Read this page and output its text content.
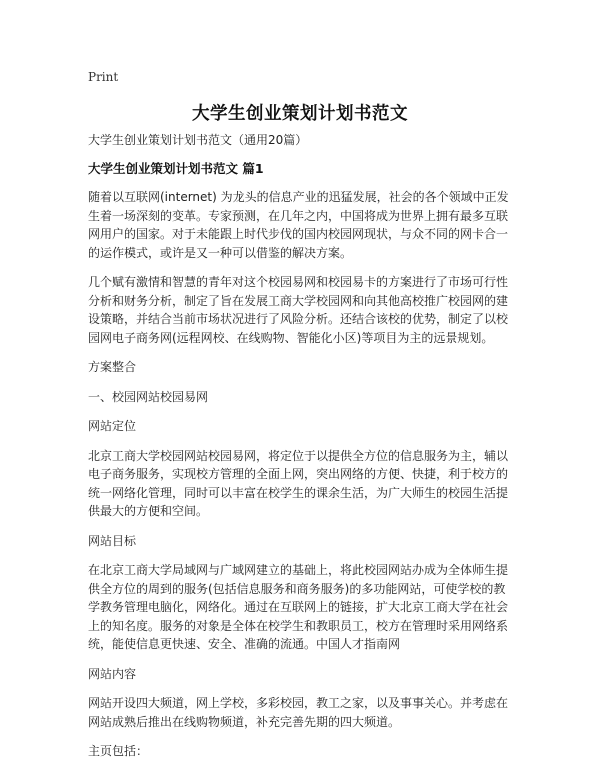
Print
大学生创业策划计划书范文

大学生创业策划计划书范文（通用20篇）

大学生创业策划计划书范文 篇1

随着以互联网(internet) 为龙头的信息产业的迅猛发展，社会的各个领域中正发生着一场深刻的变革。专家预测，在几年之内，中国将成为世界上拥有最多互联网用户的国家。对于未能跟上时代步伐的国内校园网现状，与众不同的网卡合一的运作模式，或许是又一种可以借鉴的解决方案。

几个赋有激情和智慧的青年对这个校园易网和校园易卡的方案进行了市场可行性分析和财务分析，制定了旨在发展工商大学校园网和向其他高校推广校园网的建设策略，并结合当前市场状况进行了风险分析。还结合该校的优势，制定了以校园网电子商务网(远程网校、在线购物、智能化小区)等项目为主的远景规划。

方案整合

一、校园网站校园易网

网站定位

北京工商大学校园网站校园易网，将定位于以提供全方位的信息服务为主，辅以电子商务服务，实现校方管理的全面上网，突出网络的方便、快捷，利于校方的统一网络化管理，同时可以丰富在校学生的课余生活，为广大师生的校园生活提供最大的方便和空间。

网站目标

在北京工商大学局域网与广域网建立的基础上，将此校园网站办成为全体师生提供全方位的周到的服务(包括信息服务和商务服务)的多功能网站，可使学校的教学教务管理电脑化，网络化。通过在互联网上的链接，扩大北京工商大学在社会上的知名度。服务的对象是全体在校学生和教职员工，校方在管理时采用网络系统，能使信息更快速、安全、准确的流通。中国人才指南网

网站内容

网站开设四大频道，网上学校，多彩校园，教工之家，以及事事关心。并考虑在网站成熟后推出在线购物频道，补充完善先期的四大频道。

主页包括：
